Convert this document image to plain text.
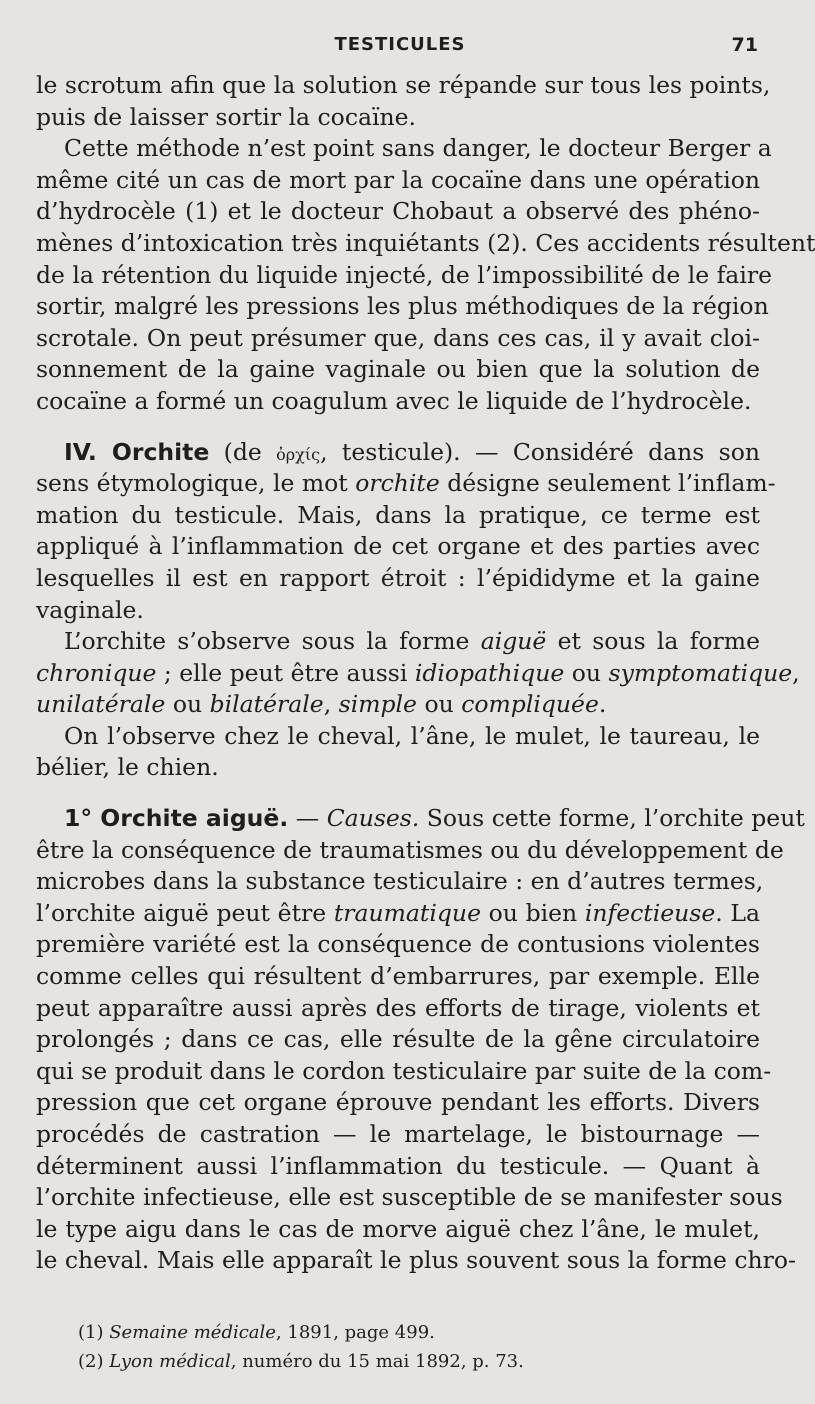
TESTICULES	71
le scrotum afin que la solution se répande sur tous les points,
puis de laisser sortir la cocaïne.
Cette méthode n’est point sans danger, le docteur Berger a
même cité un cas de mort par la cocaïne dans une opération
d’hydrocèle (1) et le docteur Chobaut a observé des phéno-
mènes d’intoxication très inquiétants (2). Ces accidents résultent
de la rétention du liquide injecté, de l’impossibilité de le faire
sortir, malgré les pressions les plus méthodiques de la région
scrotale. On peut présumer que, dans ces cas, il y avait cloi-
sonnement de la gaine vaginale ou bien que la solution de
cocaïne a formé un coagulum avec le liquide de l’hydrocèle.
IV. Orchite (de ὀρχίς, testicule). — Considéré dans son
sens étymologique, le mot orchite désigne seulement l’inflam-
mation du testicule. Mais, dans la pratique, ce terme est
appliqué à l’inflammation de cet organe et des parties avec
lesquelles il est en rapport étroit : l’épididyme et la gaine
vaginale.
L’orchite s’observe sous la forme aiguë et sous la forme
chronique ; elle peut être aussi idiopathique ou symptomatique,
unilatérale ou bilatérale, simple ou compliquée.
On l’observe chez le cheval, l’âne, le mulet, le taureau, le
bélier, le chien.
1° Orchite aiguë. — Causes. Sous cette forme, l’orchite peut
être la conséquence de traumatismes ou du développement de
microbes dans la substance testiculaire : en d’autres termes,
l’orchite aiguë peut être traumatique ou bien infectieuse. La
première variété est la conséquence de contusions violentes
comme celles qui résultent d’embarrures, par exemple. Elle
peut apparaître aussi après des efforts de tirage, violents et
prolongés ; dans ce cas, elle résulte de la gêne circulatoire
qui se produit dans le cordon testiculaire par suite de la com-
pression que cet organe éprouve pendant les efforts. Divers
procédés de castration — le martelage, le bistournage —
déterminent aussi l’inflammation du testicule. — Quant à
l’orchite infectieuse, elle est susceptible de se manifester sous
le type aigu dans le cas de morve aiguë chez l’âne, le mulet,
le cheval. Mais elle apparaît le plus souvent sous la forme chro-
(1) Semaine médicale, 1891, page 499.
(2) Lyon médical, numéro du 15 mai 1892, p. 73.
